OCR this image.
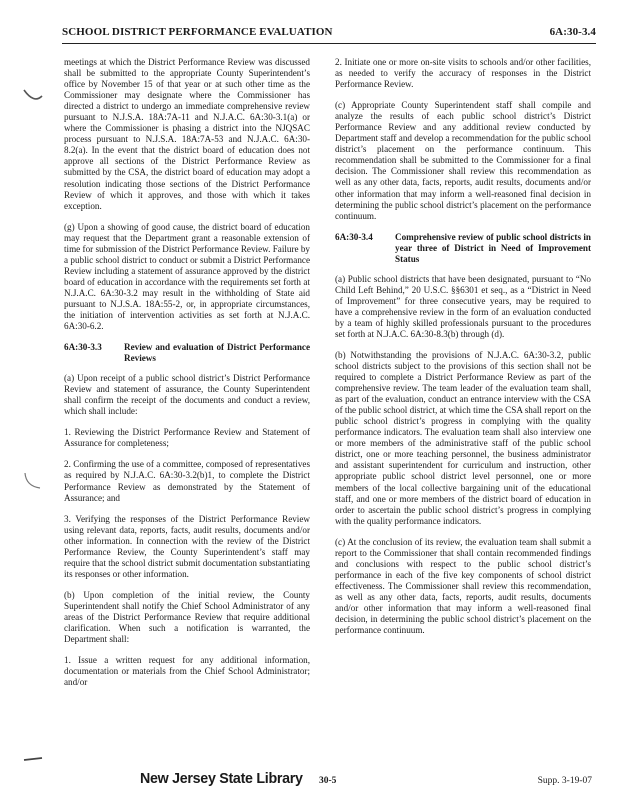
SCHOOL DISTRICT PERFORMANCE EVALUATION	6A:30-3.4

meetings at which the District Performance Review was discussed shall be submitted to the appropriate County Superintendent’s office by November 15 of that year or at such other time as the Commissioner may designate where the Commissioner has directed a district to undergo an immediate comprehensive review pursuant to N.J.S.A. 18A:7A-11 and N.J.A.C. 6A:30-3.1(a) or where the Commissioner is phasing a district into the NJQSAC process pursuant to N.J.S.A. 18A:7A-53 and N.J.A.C. 6A:30-8.2(a). In the event that the district board of education does not approve all sections of the District Performance Review as submitted by the CSA, the district board of education may adopt a resolution indicating those sections of the District Performance Review of which it approves, and those with which it takes exception.

(g) Upon a showing of good cause, the district board of education may request that the Department grant a reasonable extension of time for submission of the District Performance Review. Failure by a public school district to conduct or submit a District Performance Review including a statement of assurance approved by the district board of education in accordance with the requirements set forth at N.J.A.C. 6A:30-3.2 may result in the withholding of State aid pursuant to N.J.S.A. 18A:55-2, or, in appropriate circumstances, the initiation of intervention activities as set forth at N.J.A.C. 6A:30-6.2.

6A:30-3.3	Review and evaluation of District Performance Reviews

(a) Upon receipt of a public school district’s District Performance Review and statement of assurance, the County Superintendent shall confirm the receipt of the documents and conduct a review, which shall include:

1. Reviewing the District Performance Review and Statement of Assurance for completeness;

2. Confirming the use of a committee, composed of representatives as required by N.J.A.C. 6A:30-3.2(b)1, to complete the District Performance Review as demonstrated by the Statement of Assurance; and

3. Verifying the responses of the District Performance Review using relevant data, reports, facts, audit results, documents and/or other information. In connection with the review of the District Performance Review, the County Superintendent’s staff may require that the school district submit documentation substantiating its responses or other information.

(b) Upon completion of the initial review, the County Superintendent shall notify the Chief School Administrator of any areas of the District Performance Review that require additional clarification. When such a notification is warranted, the Department shall:

1. Issue a written request for any additional information, documentation or materials from the Chief School Administrator; and/or

2. Initiate one or more on-site visits to schools and/or other facilities, as needed to verify the accuracy of responses in the District Performance Review.

(c) Appropriate County Superintendent staff shall compile and analyze the results of each public school district’s District Performance Review and any additional review conducted by Department staff and develop a recommendation for the public school district’s placement on the performance continuum. This recommendation shall be submitted to the Commissioner for a final decision. The Commissioner shall review this recommendation as well as any other data, facts, reports, audit results, documents and/or other information that may inform a well-reasoned final decision in determining the public school district’s placement on the performance continuum.

6A:30-3.4	Comprehensive review of public school districts in year three of District in Need of Improvement Status

(a) Public school districts that have been designated, pursuant to “No Child Left Behind,” 20 U.S.C. §§6301 et seq., as a “District in Need of Improvement” for three consecutive years, may be required to have a comprehensive review in the form of an evaluation conducted by a team of highly skilled professionals pursuant to the procedures set forth at N.J.A.C. 6A:30-8.3(b) through (d).

(b) Notwithstanding the provisions of N.J.A.C. 6A:30-3.2, public school districts subject to the provisions of this section shall not be required to complete a District Performance Review as part of the comprehensive review. The team leader of the evaluation team shall, as part of the evaluation, conduct an entrance interview with the CSA of the public school district, at which time the CSA shall report on the public school district’s progress in complying with the quality performance indicators. The evaluation team shall also interview one or more members of the administrative staff of the public school district, one or more teaching personnel, the business administrator and assistant superintendent for curriculum and instruction, other appropriate public school district level personnel, one or more members of the local collective bargaining unit of the educational staff, and one or more members of the district board of education in order to ascertain the public school district’s progress in complying with the quality performance indicators.

(c) At the conclusion of its review, the evaluation team shall submit a report to the Commissioner that shall contain recommended findings and conclusions with respect to the public school district’s performance in each of the five key components of school district effectiveness. The Commissioner shall review this recommendation, as well as any other data, facts, reports, audit results, documents and/or other information that may inform a well-reasoned final decision, in determining the public school district’s placement on the performance continuum.

New Jersey State Library 30-5	Supp. 3-19-07
